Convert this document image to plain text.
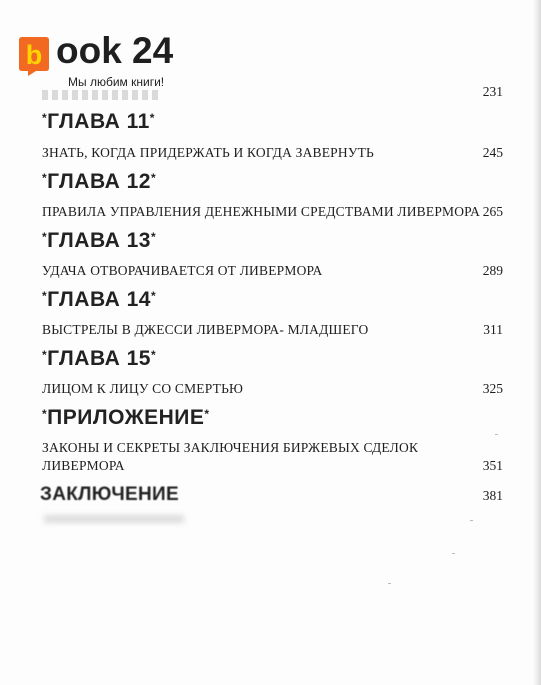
b ook 24
Мы любим книги!
231
*ГЛАВА 11*
ЗНАТЬ, КОГДА ПРИДЕРЖАТЬ И КОГДА ЗАВЕРНУТЬ	245
*ГЛАВА 12*
ПРАВИЛА УПРАВЛЕНИЯ ДЕНЕЖНЫМИ СРЕДСТВАМИ ЛИВЕРМОРА 265
*ГЛАВА 13*
УДАЧА ОТВОРАЧИВАЕТСЯ ОТ ЛИВЕРМОРА	289
*ГЛАВА 14*
ВЫСТРЕЛЫ В ДЖЕССИ ЛИВЕРМОРА- МЛАДШЕГО	311
*ГЛАВА 15*
ЛИЦОМ К ЛИЦУ СО СМЕРТЬЮ	325
*ПРИЛОЖЕНИЕ*
ЗАКОНЫ И СЕКРЕТЫ ЗАКЛЮЧЕНИЯ БИРЖЕВЫХ СДЕЛОК
ЛИВЕРМОРА	351
ЗАКЛЮЧЕНИЕ	381
